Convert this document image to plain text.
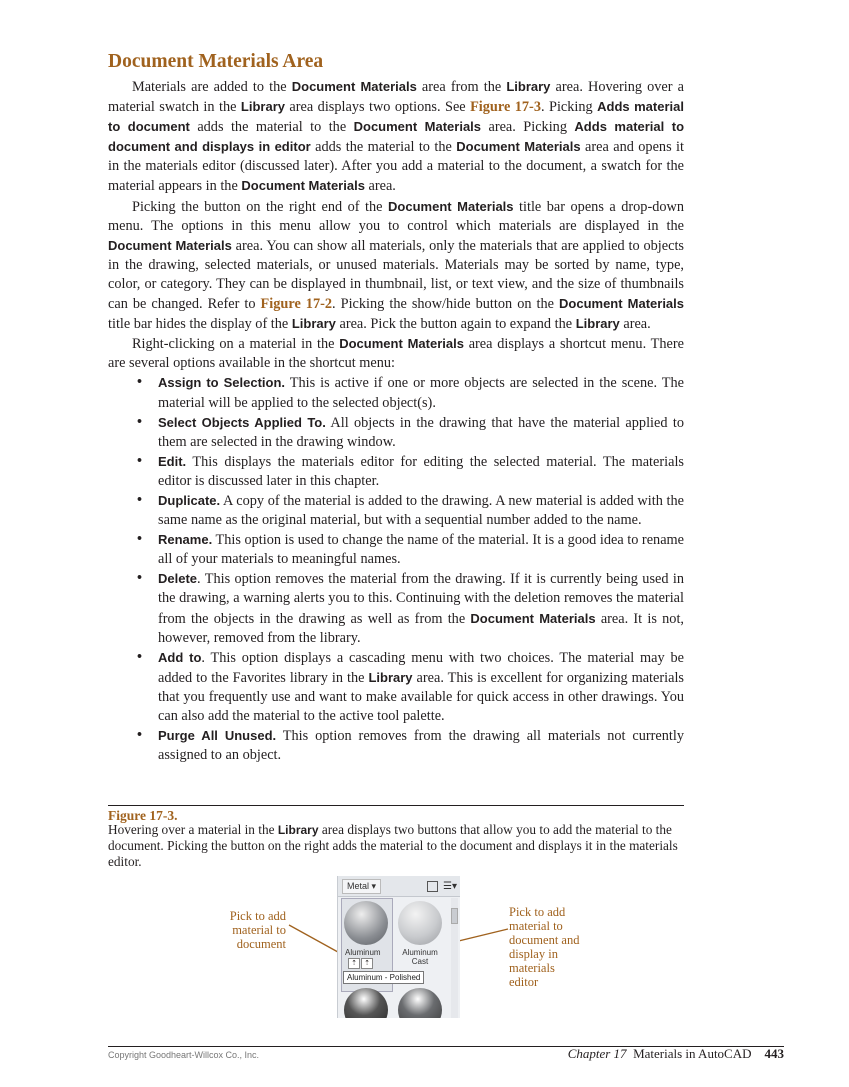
Document Materials Area

Materials are added to the Document Materials area from the Library area. Hovering over a material swatch in the Library area displays two options. See Figure 17-3. Picking Adds material to document adds the material to the Document Materials area. Picking Adds material to document and displays in editor adds the material to the Document Materials area and opens it in the materials editor (discussed later). After you add a material to the document, a swatch for the material appears in the Document Materials area.

Picking the button on the right end of the Document Materials title bar opens a drop-down menu. The options in this menu allow you to control which materials are displayed in the Document Materials area. You can show all materials, only the materials that are applied to objects in the drawing, selected materials, or unused materials. Materials may be sorted by name, type, color, or category. They can be displayed in thumbnail, list, or text view, and the size of thumbnails can be changed. Refer to Figure 17-2. Picking the show/hide button on the Document Materials title bar hides the display of the Library area. Pick the button again to expand the Library area.

Right-clicking on a material in the Document Materials area displays a shortcut menu. There are several options available in the shortcut menu:

• Assign to Selection. This is active if one or more objects are selected in the scene. The material will be applied to the selected object(s).
• Select Objects Applied To. All objects in the drawing that have the material applied to them are selected in the drawing window.
• Edit. This displays the materials editor for editing the selected material. The materials editor is discussed later in this chapter.
• Duplicate. A copy of the material is added to the drawing. A new material is added with the same name as the original material, but with a sequential number added to the name.
• Rename. This option is used to change the name of the material. It is a good idea to rename all of your materials to meaningful names.
• Delete. This option removes the material from the drawing. If it is currently being used in the drawing, a warning alerts you to this. Continuing with the deletion removes the material from the objects in the drawing as well as from the Document Materials area. It is not, however, removed from the library.
• Add to. This option displays a cascading menu with two choices. The material may be added to the Favorites library in the Library area. This is excellent for organizing materials that you frequently use and want to make available for quick access in other drawings. You can also add the material to the active tool palette.
• Purge All Unused. This option removes from the drawing all materials not currently assigned to an object.
Figure 17-3.
Hovering over a material in the Library area displays two buttons that allow you to add the material to the document. Picking the button on the right adds the material to the document and displays it in the materials editor.
Pick to add material to document
Pick to add material to document and display in materials editor
Metal ▾	☰▾
Aluminum	Aluminum
Cast
⇡	⇡
Aluminum - Polished
Copyright Goodheart-Willcox Co., Inc.	Chapter 17 Materials in AutoCAD 443
